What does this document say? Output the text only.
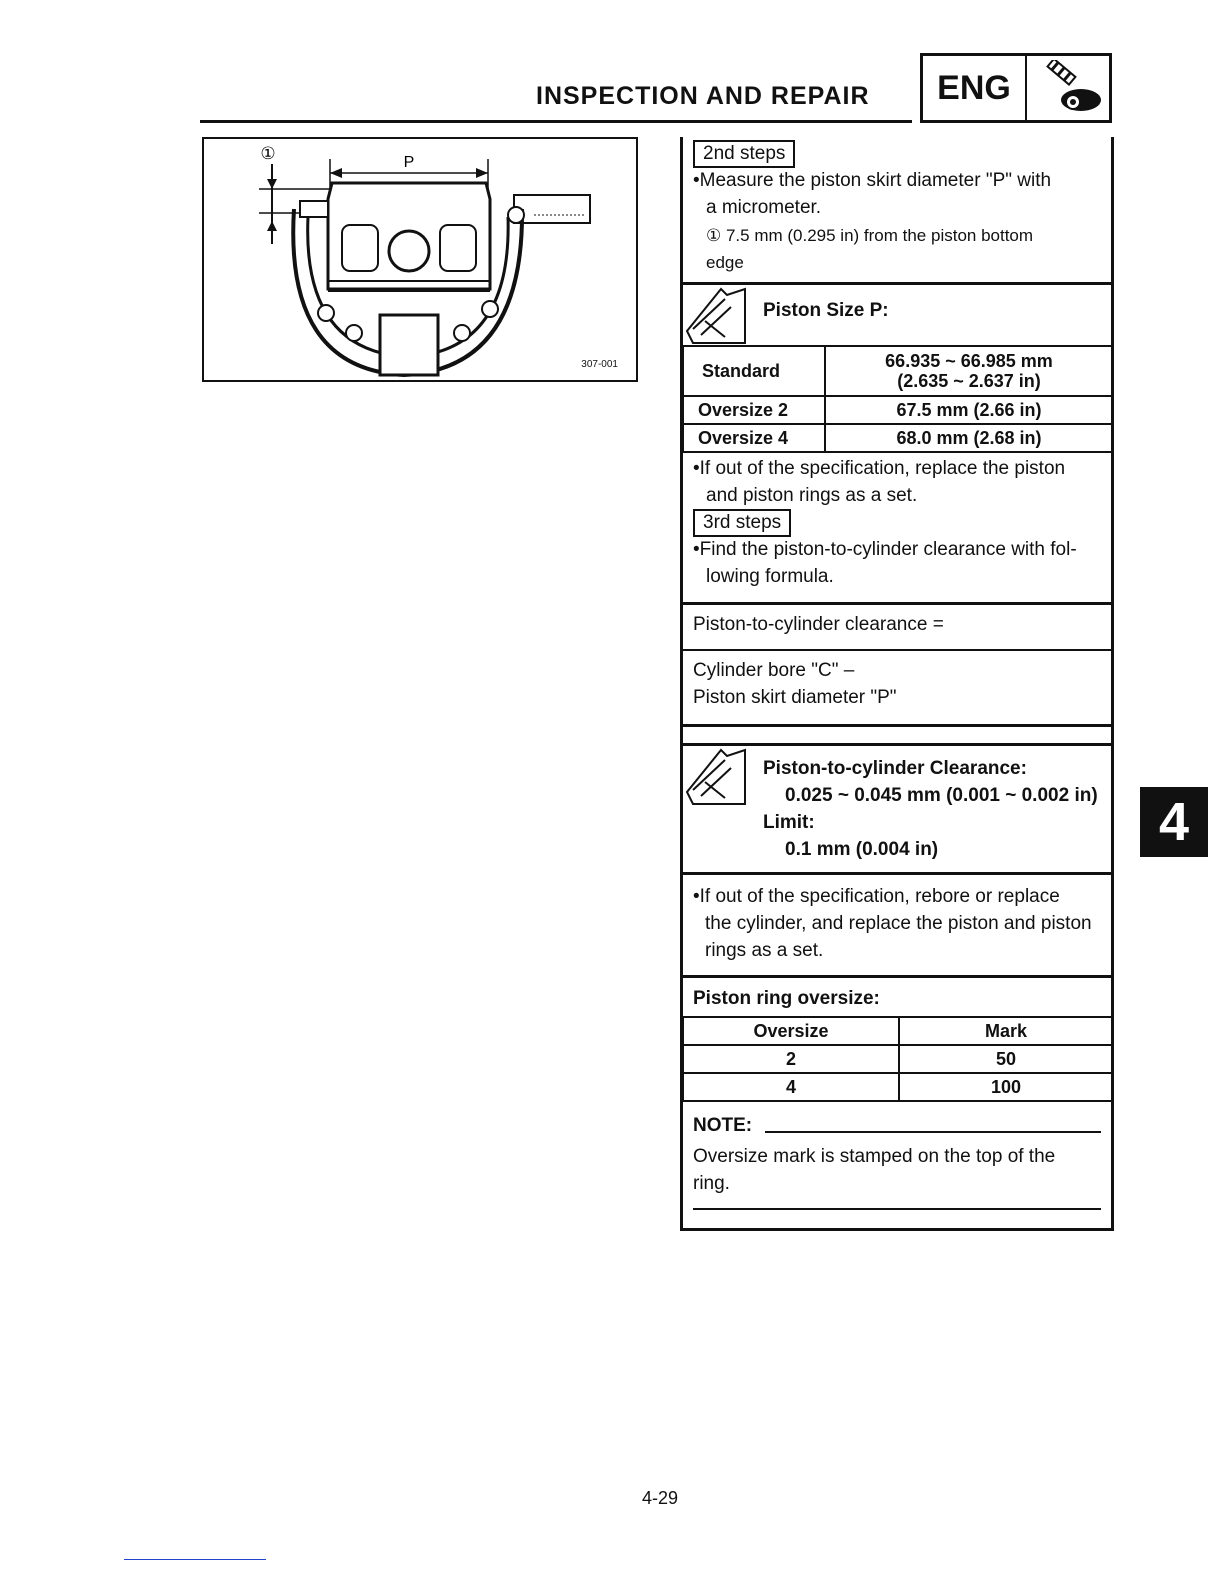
INSPECTION AND REPAIR	ENG
①	P
307-001
2nd steps
•Measure the piston skirt diameter "P" with
a micrometer.
① 7.5 mm (0.295 in) from the piston bottom
edge
Piston Size P:
Standard	66.935 ~ 66.985 mm
(2.635 ~ 2.637 in)

Oversize 2	67.5 mm (2.66 in)
Oversize 4	68.0 mm (2.68 in)
•If out of the specification, replace the piston
and piston rings as a set.
3rd steps
•Find the piston-to-cylinder clearance with fol-
lowing formula.
Piston-to-cylinder clearance =
Cylinder bore "C" –
Piston skirt diameter "P"
Piston-to-cylinder Clearance:
0.025 ~ 0.045 mm (0.001 ~ 0.002 in)
Limit:
0.1 mm (0.004 in)
•If out of the specification, rebore or replace
the cylinder, and replace the piston and piston
rings as a set.
Piston ring oversize:
Oversize	Mark
2	50
4	100
NOTE:
Oversize mark is stamped on the top of the
ring.
4
4-29
